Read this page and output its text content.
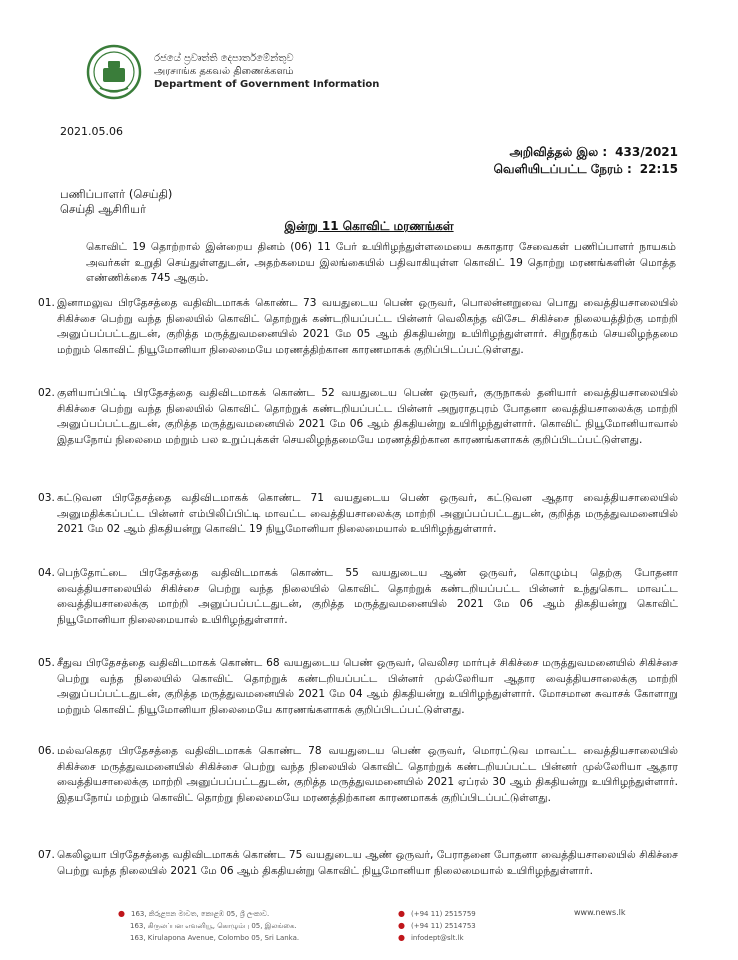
රජයේ ප්‍රවෘත්ති දෙපාර්තමේන්තුව
அரசாங்க தகவல் திணைக்களம்
Department of Government Information
2021.05.06
அறிவித்தல் இல : 433/2021
வெளியிடப்பட்ட நேரம் : 22:15
பணிப்பாளர் (செய்தி)
செய்தி ஆசிரியர்
இன்று 11 கொவிட் மரணங்கள்
கொவிட் 19 தொற்றால் இன்றைய தினம் (06) 11 பேர் உயிரிழந்துள்ளமையை சுகாதார சேவைகள் பணிப்பாளர் நாயகம் அவர்கள் உறுதி செய்துள்ளதுடன், அதற்கமைய இலங்கையில் பதிவாகியுள்ள கொவிட் 19 தொற்று மரணங்களின் மொத்த எண்ணிக்கை 745 ஆகும்.
01. இனாமலுவ பிரதேசத்தை வதிவிடமாகக் கொண்ட 73 வயதுடைய பெண் ஒருவர், பொலன்னறுவை பொது வைத்தியசாலையில் சிகிச்சை பெற்று வந்த நிலையில் கொவிட் தொற்றுக் கண்டறியப்பட்ட பின்னர் வெலிகந்த விசேட சிகிச்சை நிலையத்திற்கு மாற்றி அனுப்பப்பட்டதுடன், குறித்த மருத்துவமனையில் 2021 மே 05 ஆம் திகதியன்று உயிரிழந்துள்ளார். சிறுநீரகம் செயலிழந்தமை மற்றும் கொவிட் நியூமோனியா நிலைமையே மரணத்திற்கான காரணமாகக் குறிப்பிடப்பட்டுள்ளது.
02. குளியாப்பிட்டி பிரதேசத்தை வதிவிடமாகக் கொண்ட 52 வயதுடைய பெண் ஒருவர், குருநாகல் தனியார் வைத்தியசாலையில் சிகிச்சை பெற்று வந்த நிலையில் கொவிட் தொற்றுக் கண்டறியப்பட்ட பின்னர் அநுராதபுரம் போதனா வைத்தியசாலைக்கு மாற்றி அனுப்பப்பட்டதுடன், குறித்த மருத்துவமனையில் 2021 மே 06 ஆம் திகதியன்று உயிரிழந்துள்ளார். கொவிட் நியூமோனியாவால் இதயநோய் நிலைமை மற்றும் பல உறுப்புக்கள் செயலிழந்தமையே மரணத்திற்கான காரணங்களாகக் குறிப்பிடப்பட்டுள்ளது.
03. கட்டுவன பிரதேசத்தை வதிவிடமாகக் கொண்ட 71 வயதுடைய பெண் ஒருவர், கட்டுவன ஆதார வைத்தியசாலையில் அனுமதிக்கப்பட்ட பின்னர் எம்பிலிப்பிட்டி மாவட்ட வைத்தியசாலைக்கு மாற்றி அனுப்பப்பட்டதுடன், குறித்த மருத்துவமனையில் 2021 மே 02 ஆம் திகதியன்று கொவிட் 19 நியூமோனியா நிலைமையால் உயிரிழந்துள்ளார்.
04. பெந்தோட்டை பிரதேசத்தை வதிவிடமாகக் கொண்ட 55 வயதுடைய ஆண் ஒருவர், கொழும்பு தெற்கு போதனா வைத்தியசாலையில் சிகிச்சை பெற்று வந்த நிலையில் கொவிட் தொற்றுக் கண்டறியப்பட்ட பின்னர் உந்துகொட மாவட்ட வைத்தியசாலைக்கு மாற்றி அனுப்பப்பட்டதுடன், குறித்த மருத்துவமனையில் 2021 மே 06 ஆம் திகதியன்று கொவிட் நியூமோனியா நிலைமையால் உயிரிழந்துள்ளார்.
05. சீதுவ பிரதேசத்தை வதிவிடமாகக் கொண்ட 68 வயதுடைய பெண் ஒருவர், வெலிசர மார்புச் சிகிச்சை மருத்துவமனையில் சிகிச்சை பெற்று வந்த நிலையில் கொவிட் தொற்றுக் கண்டறியப்பட்ட பின்னர் முல்லேரியா ஆதார வைத்தியசாலைக்கு மாற்றி அனுப்பப்பட்டதுடன், குறித்த மருத்துவமனையில் 2021 மே 04 ஆம் திகதியன்று உயிரிழந்துள்ளார். மோசமான சுவாசக் கோளாறு மற்றும் கொவிட் நியூமோனியா நிலைமையே காரணங்களாகக் குறிப்பிடப்பட்டுள்ளது.
06. மல்வகெதர பிரதேசத்தை வதிவிடமாகக் கொண்ட 78 வயதுடைய பெண் ஒருவர், மொரட்டுவ மாவட்ட வைத்தியசாலையில் சிகிச்சை மருத்துவமனையில் சிகிச்சை பெற்று வந்த நிலையில் கொவிட் தொற்றுக் கண்டறியப்பட்ட பின்னர் முல்லேரியா ஆதார வைத்தியசாலைக்கு மாற்றி அனுப்பப்பட்டதுடன், குறித்த மருத்துவமனையில் 2021 ஏப்ரல் 30 ஆம் திகதியன்று உயிரிழந்துள்ளார். இதயநோய் மற்றும் கொவிட் தொற்று நிலைமையே மரணத்திற்கான காரணமாகக் குறிப்பிடப்பட்டுள்ளது.
07. கெலிஓயா பிரதேசத்தை வதிவிடமாகக் கொண்ட 75 வயதுடைய ஆண் ஒருவர், பேராதனை போதனா வைத்தியசாலையில் சிகிச்சை பெற்று வந்த நிலையில் 2021 மே 06 ஆம் திகதியன்று கொவிட் நியூமோனியா நிலைமையால் உயிரிழந்துள்ளார்.
● 163, කිරුළපන මාවත, කොළඹ 05, ශ්‍රී ලංකාව.
163, கிருலப்பன எவனியூ, கொழும்பு 05, இலங்கை.
163, Kirulapona Avenue, Colombo 05, Sri Lanka.
● (+94 11) 2515759
● (+94 11) 2514753
● infodept@slt.lk
www.news.lk
